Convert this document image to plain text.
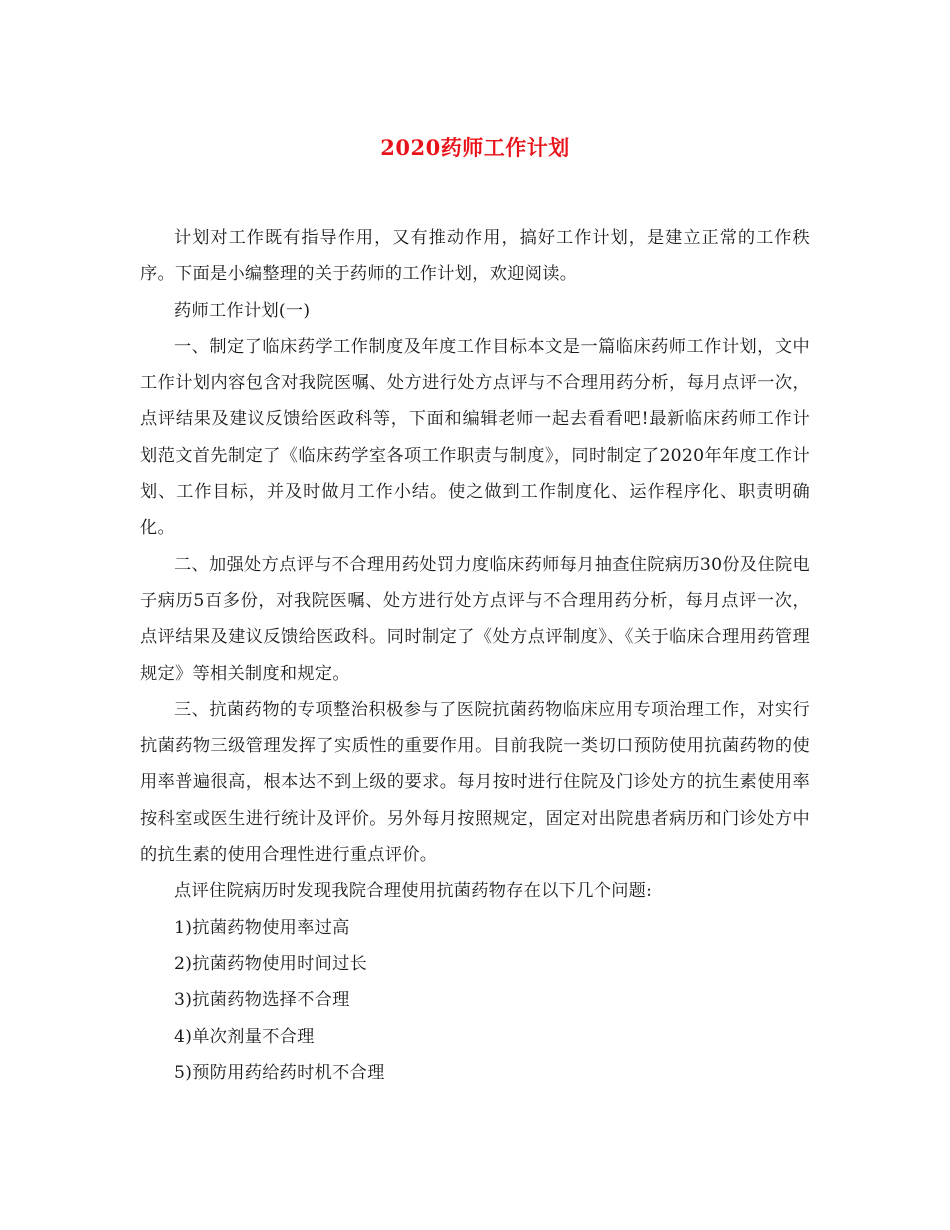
2020药师工作计划

计划对工作既有指导作用，又有推动作用，搞好工作计划，是建立正常的工作秩序。下面是小编整理的关于药师的工作计划，欢迎阅读。

药师工作计划(一)

一、制定了临床药学工作制度及年度工作目标本文是一篇临床药师工作计划，文中工作计划内容包含对我院医嘱、处方进行处方点评与不合理用药分析，每月点评一次，点评结果及建议反馈给医政科等，下面和编辑老师一起去看看吧!最新临床药师工作计划范文首先制定了《临床药学室各项工作职责与制度》，同时制定了2020年年度工作计划、工作目标，并及时做月工作小结。使之做到工作制度化、运作程序化、职责明确化。

二、加强处方点评与不合理用药处罚力度临床药师每月抽查住院病历30份及住院电子病历5百多份，对我院医嘱、处方进行处方点评与不合理用药分析，每月点评一次，点评结果及建议反馈给医政科。同时制定了《处方点评制度》、《关于临床合理用药管理规定》等相关制度和规定。

三、抗菌药物的专项整治积极参与了医院抗菌药物临床应用专项治理工作，对实行抗菌药物三级管理发挥了实质性的重要作用。目前我院一类切口预防使用抗菌药物的使用率普遍很高，根本达不到上级的要求。每月按时进行住院及门诊处方的抗生素使用率按科室或医生进行统计及评价。另外每月按照规定，固定对出院患者病历和门诊处方中的抗生素的使用合理性进行重点评价。

点评住院病历时发现我院合理使用抗菌药物存在以下几个问题:

1)抗菌药物使用率过高

2)抗菌药物使用时间过长

3)抗菌药物选择不合理

4)单次剂量不合理

5)预防用药给药时机不合理
